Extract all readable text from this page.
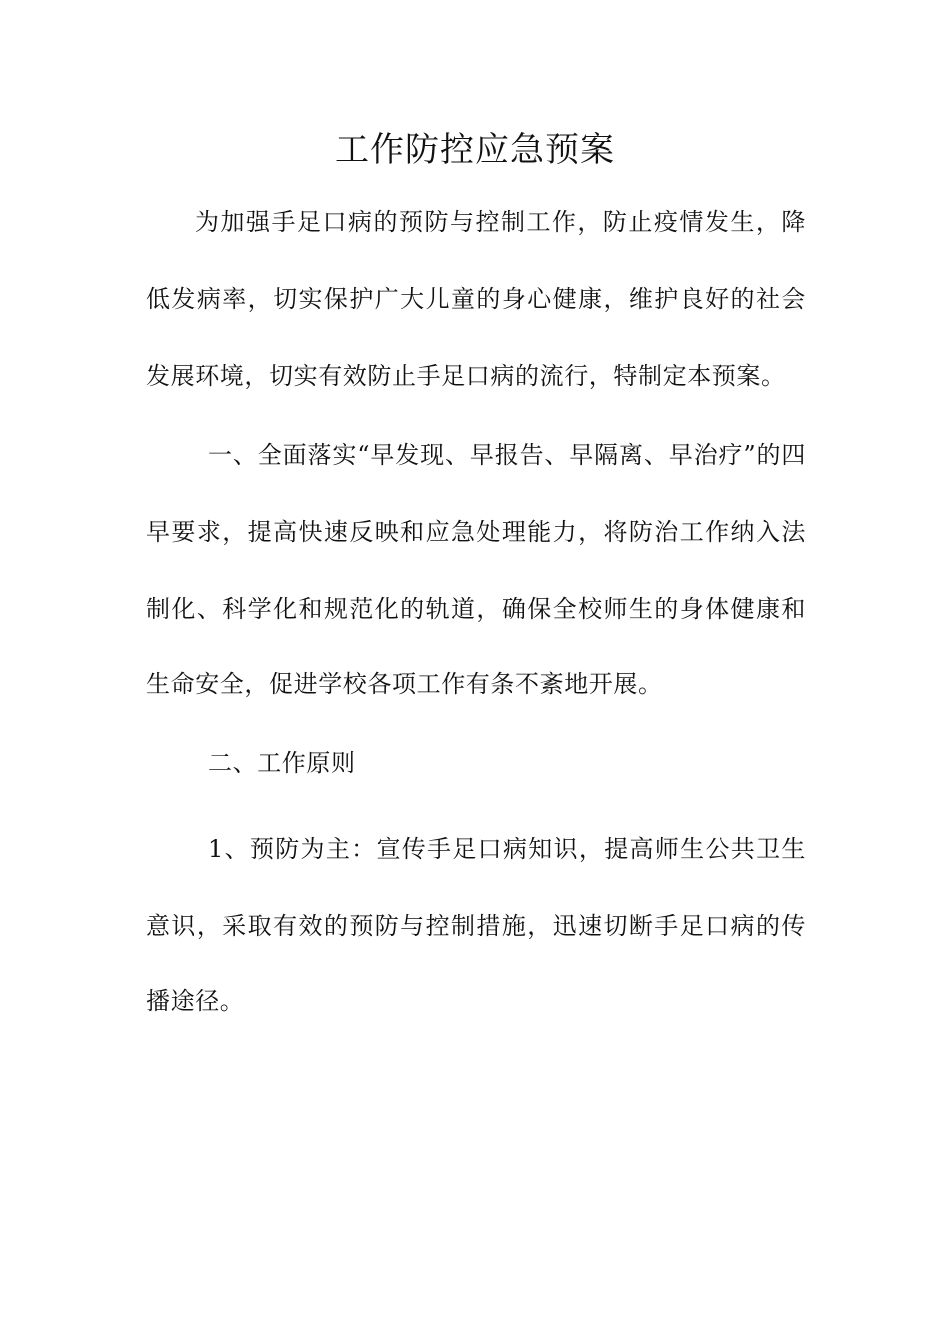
工作防控应急预案
为加强手足口病的预防与控制工作，防止疫情发生，降
低发病率，切实保护广大儿童的身心健康，维护良好的社会
发展环境，切实有效防止手足口病的流行，特制定本预案。
一、全面落实“早发现、早报告、早隔离、早治疗”的四
早要求，提高快速反映和应急处理能力，将防治工作纳入法
制化、科学化和规范化的轨道，确保全校师生的身体健康和
生命安全，促进学校各项工作有条不紊地开展。
二、工作原则
1、预防为主：宣传手足口病知识，提高师生公共卫生
意识，采取有效的预防与控制措施，迅速切断手足口病的传
播途径。
